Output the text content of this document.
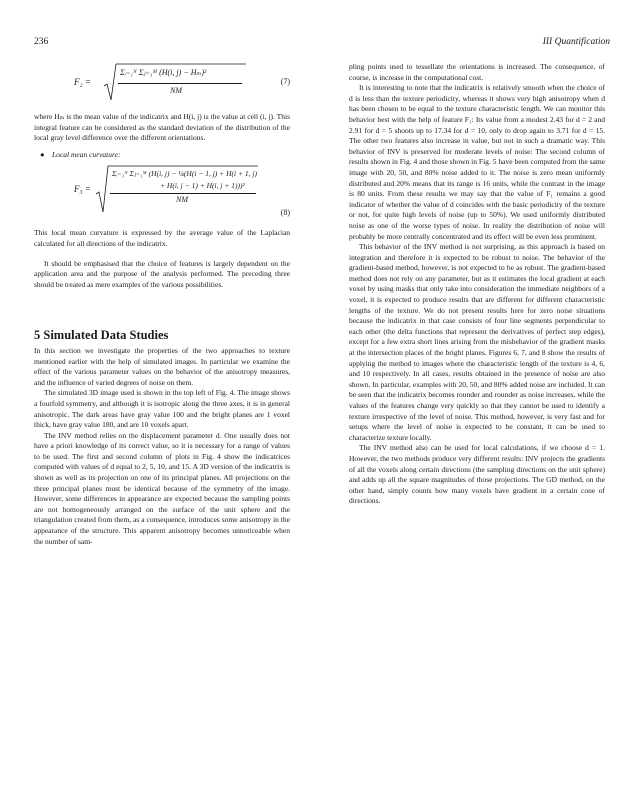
236	III Quantification
F₂ =
Σᵢ₌₁ᴺ Σⱼ₌₁ᴹ (H(i, j) − Hₘ)²
NM
(7)

where Hₘ is the mean value of the indicatrix and H(i, j) is the value at cell (i, j). This integral feature can be considered as the standard deviation of the distribution of the local gray level difference over the different orientations.

● Local mean curvature:
F₃ =
Σᵢ₌₁ᴺ Σⱼ₌₁ᴹ (H(i, j) − ¼(H(i − 1, j) + H(i + 1, j)
+ H(i, j − 1) + H(i, j + 1)))²
NM
(8)

This local mean curvature is expressed by the average value of the Laplacian calculated for all directions of the indicatrix.

It should be emphasised that the choice of features is largely dependent on the application area and the purpose of the analysis performed. The preceding three should be treated as mere examples of the various possibilities.

5 Simulated Data Studies

In this section we investigate the properties of the two approaches to texture mentioned earlier with the help of simulated images. In particular we examine the effect of the various parameter values on the behavior of the anisotropy measures, and the influence of varied degrees of noise on them.

The simulated 3D image used is shown in the top left of Fig. 4. The image shows a fourfold symmetry, and although it is isotropic along the three axes, it is in general anisotropic. The dark areas have gray value 100 and the bright planes are 1 voxel thick, have gray value 180, and are 10 voxels apart.

The INV method relies on the displacement parameter d. One usually does not have a priori knowledge of its correct value, so it is necessary for a range of values to be used. The first and second column of plots in Fig. 4 show the indicatrices computed with values of d equal to 2, 5, 10, and 15. A 3D version of the indicatrix is shown as well as its projection on one of its principal planes. All projections on the three principal planes must be identical because of the symmetry of the image. However, some differences in appearance are expected because the sampling points are not homogeneously arranged on the surface of the unit sphere and the triangulation created from them, as a consequence, introduces some anisotropy in the appearance of the structure. This apparent anisotropy becomes unnoticeable when the number of sam-

pling points used to tessellate the orientations is increased. The consequence, of course, is increase in the computational cost.

It is interesting to note that the indicatrix is relatively smooth when the choice of d is less than the texture periodicity, whereas it shows very high anisotropy when d has been chosen to be equal to the texture characteristic length. We can monitor this behavior best with the help of feature F₁: Its value from a modest 2.43 for d = 2 and 2.91 for d = 5 shoots up to 17.34 for d = 10, only to drop again to 3.71 for d = 15. The other two features also increase in value, but not in such a dramatic way. This behavior of INV is preserved for moderate levels of noise: The second column of results shown in Fig. 4 and those shown in Fig. 5 have been computed from the same image with 20, 50, and 80% noise added to it. The noise is zero mean uniformly distributed and 20% means that its range is 16 units, while the contrast in the image is 80 units. From these results we may say that the value of F₁ remains a good indicator of whether the value of d coincides with the basic periodicity of the texture or not, for quite high levels of noise (up to 50%). We used uniformly distributed noise as one of the worse types of noise. In reality the distribution of noise will probably be more centrally concentrated and its effect will be even less prominent.

This behavior of the INV method is not surprising, as this approach is based on integration and therefore it is expected to be robust to noise. The behavior of the gradient-based method, however, is not expected to be as robust. The gradient-based method does not rely on any parameter, but as it estimates the local gradient at each voxel by using masks that only take into consideration the immediate neighbors of a voxel, it is expected to produce results that are different for different characteristic lengths of the texture. We do not present results here for zero noise situations because the indicatrix in that case consists of four line segments perpendicular to each other (the delta functions that represent the derivatives of perfect step edges), except for a few extra short lines arising from the misbehavior of the gradient masks at the intersection places of the bright planes. Figures 6, 7, and 8 show the results of applying the method to images where the characteristic length of the texture is 4, 6, and 10 respectively. In all cases, results obtained in the presence of noise are also shown. In particular, examples with 20, 50, and 80% added noise are included. It can be seen that the indicatrix becomes rounder and rounder as noise increases, while the values of the features change very quickly so that they cannot be used to identify a texture irrespective of the level of noise. This method, however, is very fast and for setups where the level of noise is expected to be constant, it can be used to characterize texture locally.

The INV method also can be used for local calculations, if we choose d = 1. However, the two methods produce very different results: INV projects the gradients of all the voxels along certain directions (the sampling directions on the unit sphere) and adds up all the square magnitudes of those projections. The GD method, on the other hand, simply counts how many voxels have gradient in a certain cone of directions.
